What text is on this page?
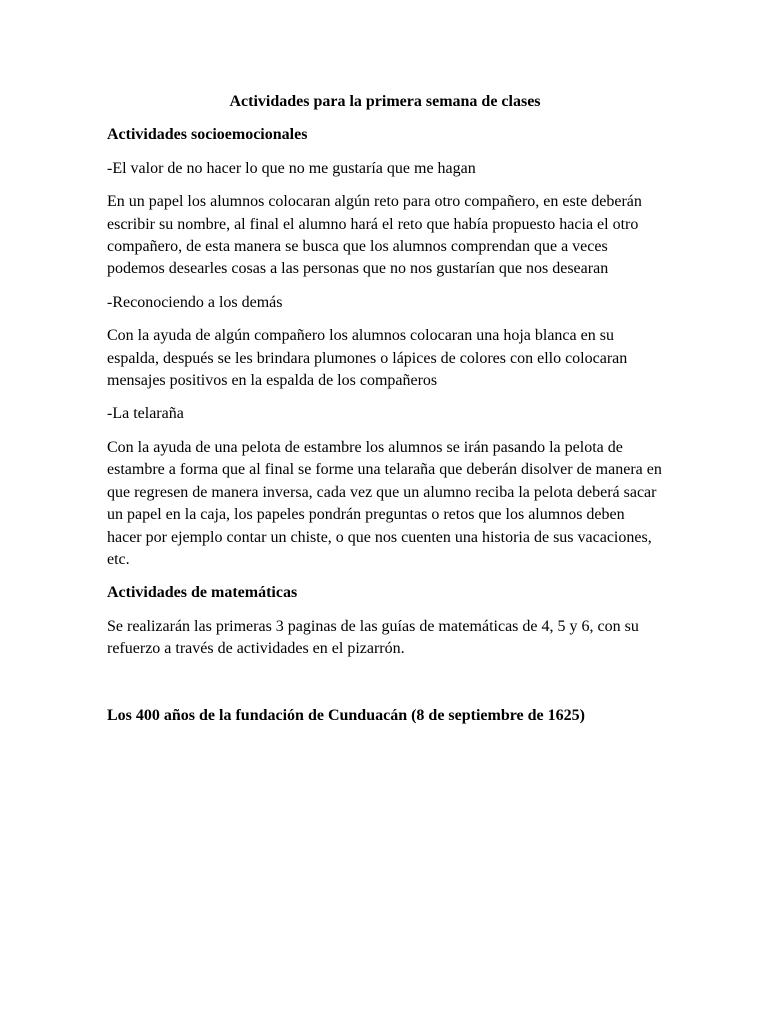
Actividades para la primera semana de clases

Actividades socioemocionales

-El valor de no hacer lo que no me gustaría que me hagan

En un papel los alumnos colocaran algún reto para otro compañero, en este deberán escribir su nombre, al final el alumno hará el reto que había propuesto hacia el otro compañero, de esta manera se busca que los alumnos comprendan que a veces podemos desearles cosas a las personas que no nos gustarían que nos desearan

-Reconociendo a los demás

Con la ayuda de algún compañero los alumnos colocaran una hoja blanca en su espalda, después se les brindara plumones o lápices de colores con ello colocaran mensajes positivos en la espalda de los compañeros

-La telaraña

Con la ayuda de una pelota de estambre los alumnos se irán pasando la pelota de estambre a forma que al final se forme una telaraña que deberán disolver de manera en que regresen de manera inversa, cada vez que un alumno reciba la pelota deberá sacar un papel en la caja, los papeles pondrán preguntas o retos que los alumnos deben hacer por ejemplo contar un chiste, o que nos cuenten una historia de sus vacaciones, etc.

Actividades de matemáticas

Se realizarán las primeras 3 paginas de las guías de matemáticas de 4, 5 y 6, con su refuerzo a través de actividades en el pizarrón.

Los 400 años de la fundación de Cunduacán (8 de septiembre de 1625)
